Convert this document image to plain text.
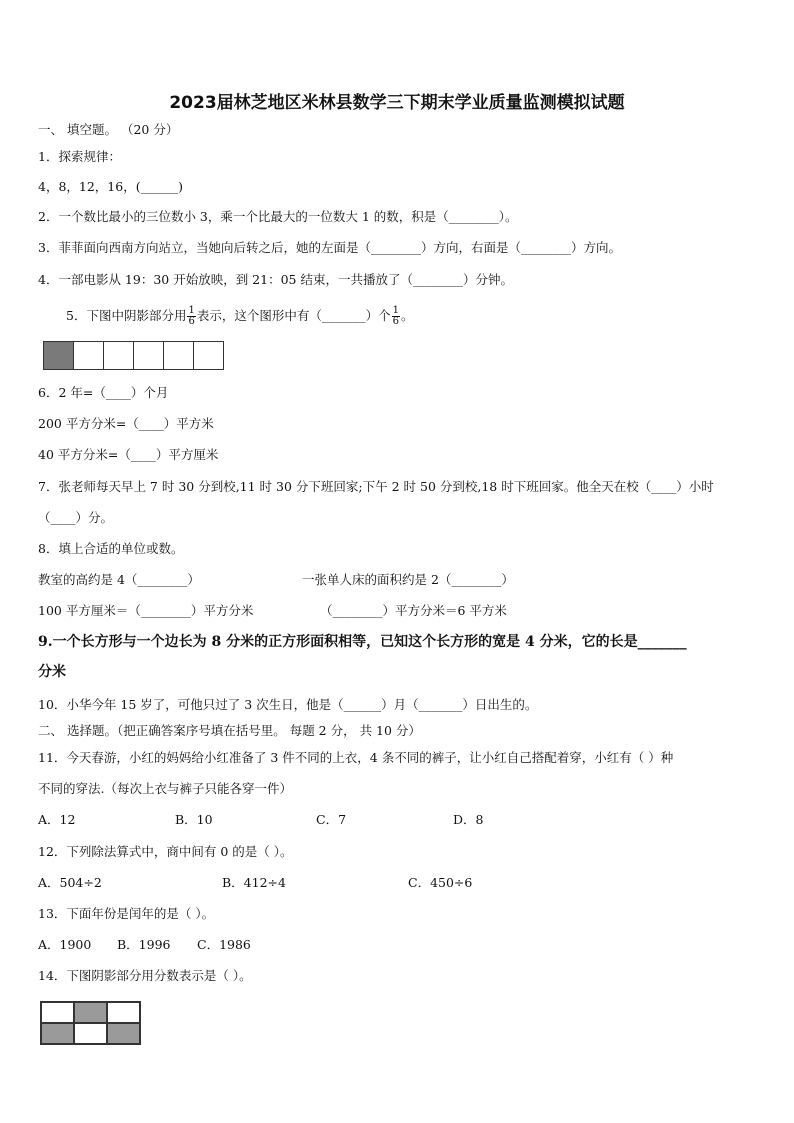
2023届林芝地区米林县数学三下期末学业质量监测模拟试题
一、 填空题。 （20 分）
1．探索规律：
4，8，12，16，(______)
2．一个数比最小的三位数小 3，乘一个比最大的一位数大 1 的数，积是（________）。
3．菲菲面向西南方向站立，当她向后转之后，她的左面是（________）方向，右面是（________）方向。
4．一部电影从 19：30 开始放映，到 21：05 结束，一共播放了（________）分钟。
5．下图中阴影部分用 $\frac{1}{6}$ 表示，这个图形中有（_______）个 $\frac{1}{6}$ 。
6．2 年=（____）个月
200 平方分米=（____）平方米
40 平方分米=（____）平方厘米
7．张老师每天早上 7 时 30 分到校,11 时 30 分下班回家;下午 2 时 50 分到校,18 时下班回家。他全天在校（____）小时
（____）分。
8．填上合适的单位或数。
教室的高约是 4（________）	一张单人床的面积约是 2（________）
100 平方厘米＝（________）平方分米	（________）平方分米＝6 平方米
9.一个长方形与一个边长为 8 分米的正方形面积相等，已知这个长方形的宽是 4 分米，它的长是_______
分米
10．小华今年 15 岁了，可他只过了 3 次生日，他是（______）月（_______）日出生的。
二、 选择题。（把正确答案序号填在括号里。 每题 2 分， 共 10 分）
11．今天春游，小红的妈妈给小红准备了 3 件不同的上衣，4 条不同的裤子，让小红自己搭配着穿，小红有（ ）种
不同的穿法.（每次上衣与裤子只能各穿一件）
A．12	B．10	C．7	D．8
12．下列除法算式中，商中间有 0 的是（ ）。
A．504÷2	B．412÷4	C．450÷6
13．下面年份是闰年的是（ ）。
A．1900 B．1996 C．1986
14．下图阴影部分用分数表示是（ ）。
